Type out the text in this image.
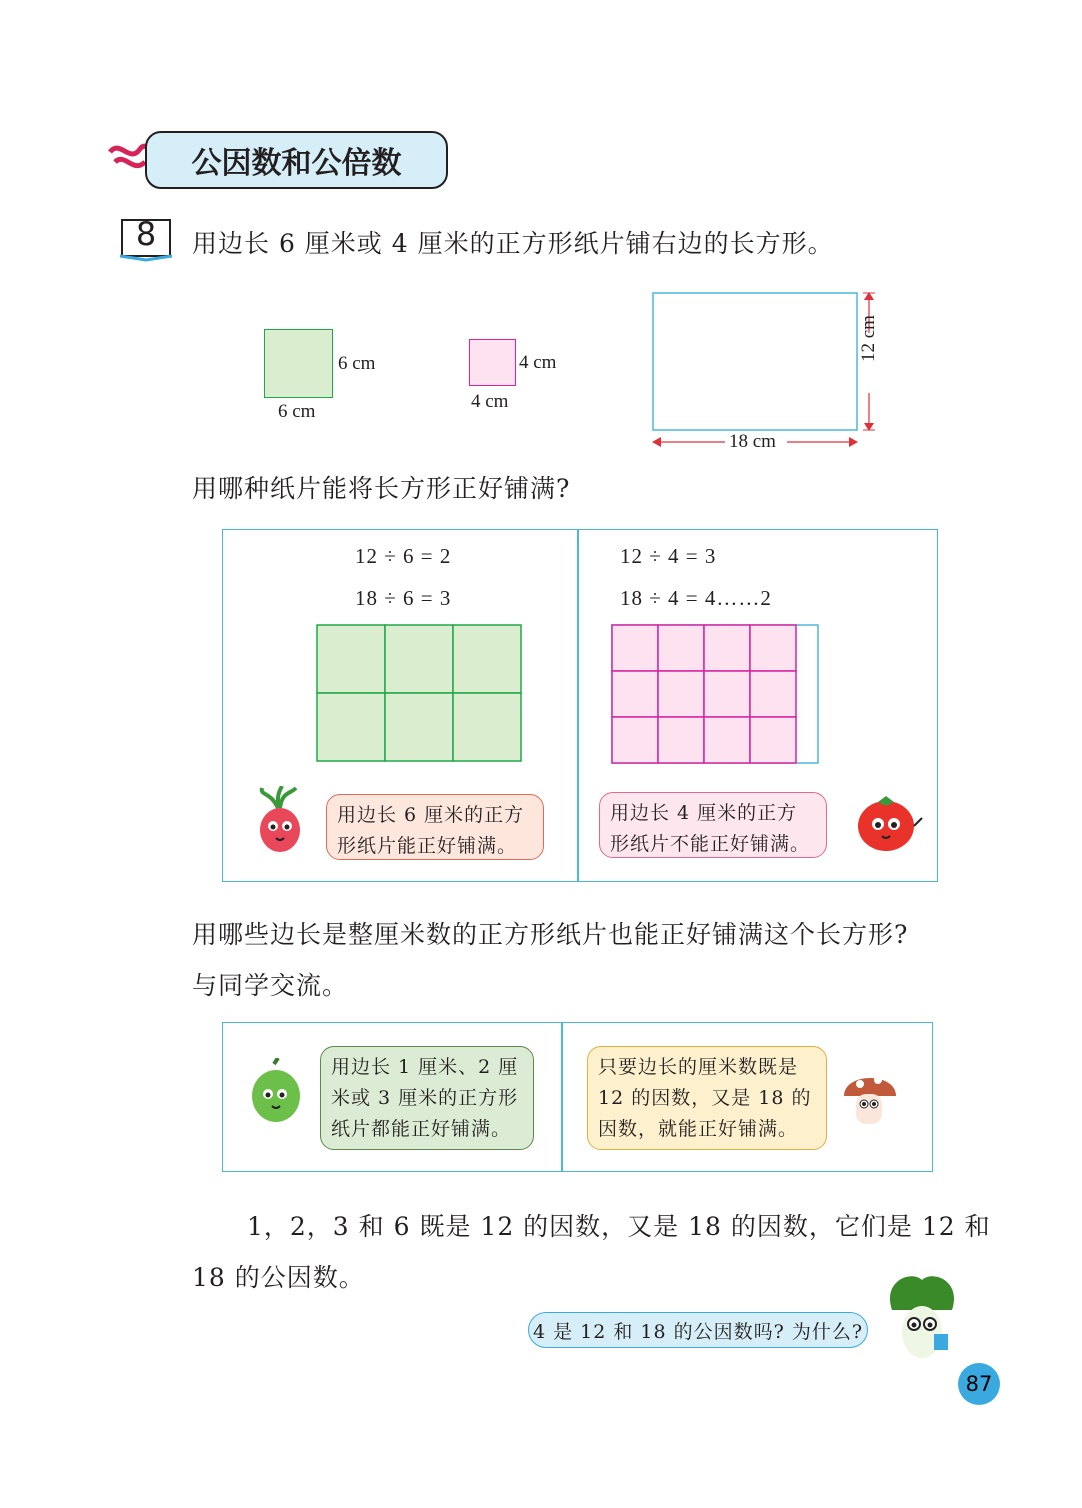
公因数和公倍数
8	用边长 6 厘米或 4 厘米的正方形纸片铺右边的长方形。
6 cm
6 cm
4 cm
4 cm
12 cm
18 cm
用哪种纸片能将长方形正好铺满?
12 ÷ 6 = 2
18 ÷ 6 = 3
12 ÷ 4 = 3
18 ÷ 4 = 4……2
用边长 6 厘米的正方
形纸片能正好铺满。
用边长 4 厘米的正方
形纸片不能正好铺满。
用哪些边长是整厘米数的正方形纸片也能正好铺满这个长方形?
与同学交流。
用边长 1 厘米、2 厘
米或 3 厘米的正方形
纸片都能正好铺满。
只要边长的厘米数既是
12 的因数，又是 18 的
因数，就能正好铺满。
1，2，3 和 6 既是 12 的因数，又是 18 的因数，它们是 12 和
18 的公因数。
4 是 12 和 18 的公因数吗? 为什么?
87
